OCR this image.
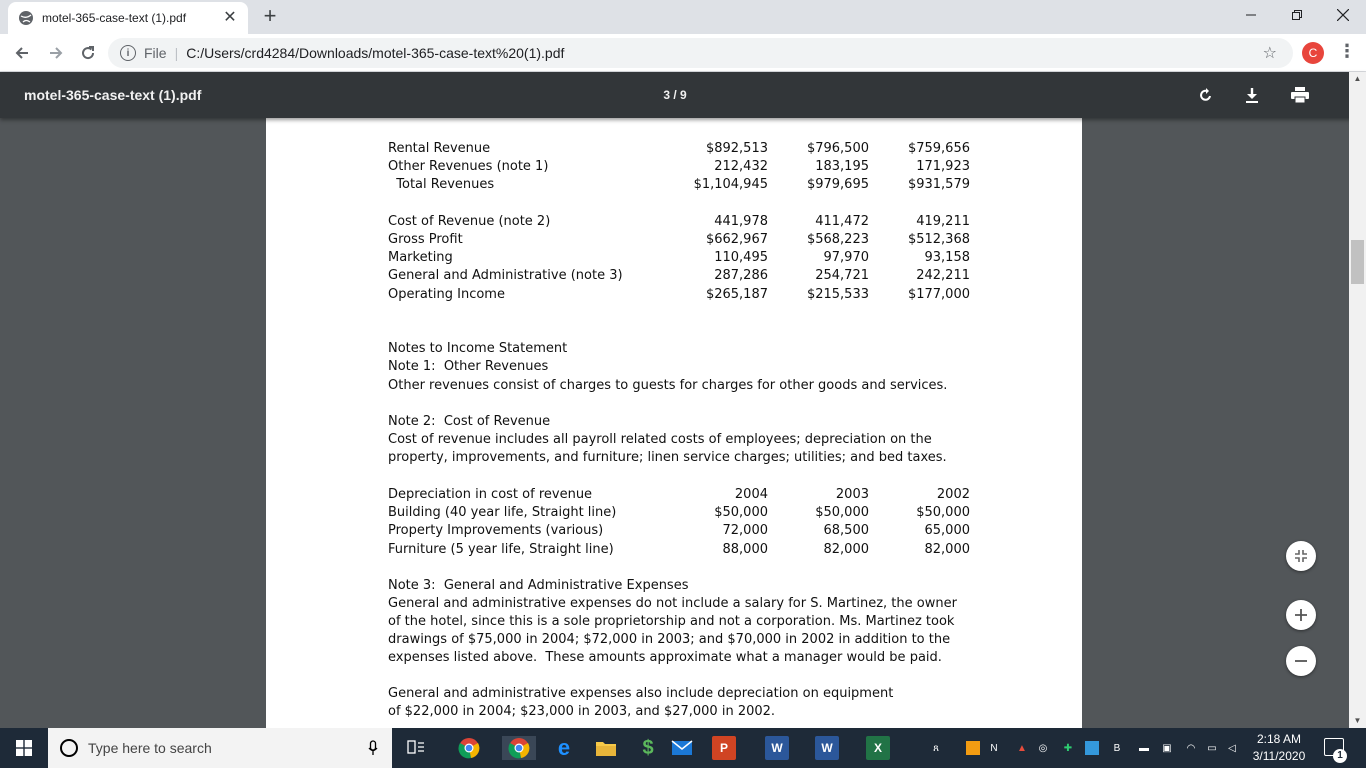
motel-365-case-text (1).pdf	✕ +
i	File | C:/Users/crd4284/Downloads/motel-365-case-text%20(1).pdf	☆	C	⋮
motel-365-case-text (1).pdf	3 / 9
Rental Revenue	$892,513	$796,500	$759,656
Other Revenues (note 1)	212,432	183,195	171,923
Total Revenues	$1,104,945	$979,695	$931,579
Cost of Revenue (note 2)	441,978	411,472	419,211
Gross Profit	$662,967	$568,223	$512,368
Marketing	110,495	97,970	93,158
General and Administrative (note 3)	287,286	254,721	242,211
Operating Income	$265,187	$215,533	$177,000
Notes to Income Statement
Note 1:  Other Revenues
Other revenues consist of charges to guests for charges for other goods and services.
Note 2:  Cost of Revenue
Cost of revenue includes all payroll related costs of employees; depreciation on the
property, improvements, and furniture; linen service charges; utilities; and bed taxes.
Depreciation in cost of revenue	2004	2003	2002
Building (40 year life, Straight line)	$50,000	$50,000	$50,000
Property Improvements (various)	72,000	68,500	65,000
Furniture (5 year life, Straight line)	88,000	82,000	82,000
Note 3:  General and Administrative Expenses
General and administrative expenses do not include a salary for S. Martinez, the owner
of the hotel, since this is a sole proprietorship and not a corporation. Ms. Martinez took
drawings of $75,000 in 2004; $72,000 in 2003; and $70,000 in 2002 in addition to the
expenses listed above.  These amounts approximate what a manager would be paid.
General and administrative expenses also include depreciation on equipment
of $22,000 in 2004; $23,000 in 2003, and $27,000 in 2002.
▲
▼
Type here to search	e	$	P	W	W	X	ጸ	N	▲ ◎ ✚	B	▬ ▣ ◠ ▭	◁
2:18 AM
3/11/2020	1
